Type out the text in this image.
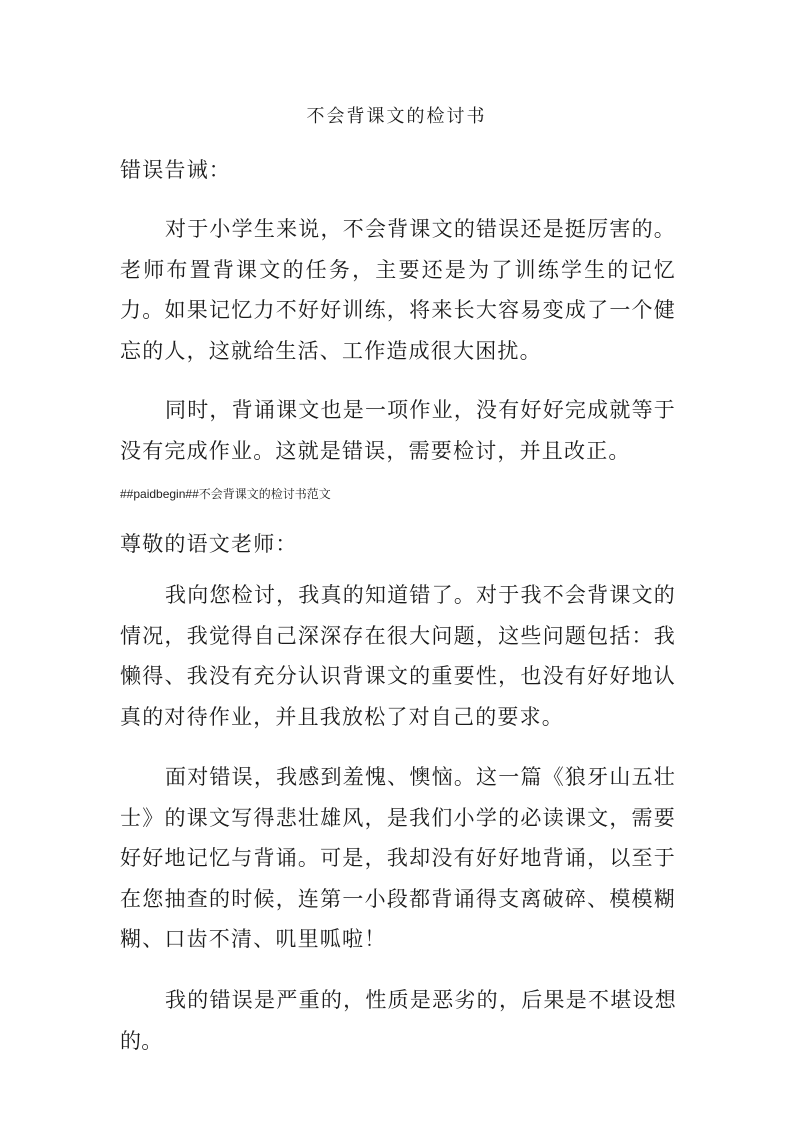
不会背课文的检讨书

错误告诫：

对于小学生来说，不会背课文的错误还是挺厉害的。老师布置背课文的任务，主要还是为了训练学生的记忆力。如果记忆力不好好训练，将来长大容易变成了一个健忘的人，这就给生活、工作造成很大困扰。

同时，背诵课文也是一项作业，没有好好完成就等于没有完成作业。这就是错误，需要检讨，并且改正。

##paidbegin##不会背课文的检讨书范文

尊敬的语文老师：

我向您检讨，我真的知道错了。对于我不会背课文的情况，我觉得自己深深存在很大问题，这些问题包括：我懒得、我没有充分认识背课文的重要性，也没有好好地认真的对待作业，并且我放松了对自己的要求。

面对错误，我感到羞愧、懊恼。这一篇《狼牙山五壮士》的课文写得悲壮雄风，是我们小学的必读课文，需要好好地记忆与背诵。可是，我却没有好好地背诵，以至于在您抽查的时候，连第一小段都背诵得支离破碎、模模糊糊、口齿不清、叽里呱啦！

我的错误是严重的，性质是恶劣的，后果是不堪设想的。
